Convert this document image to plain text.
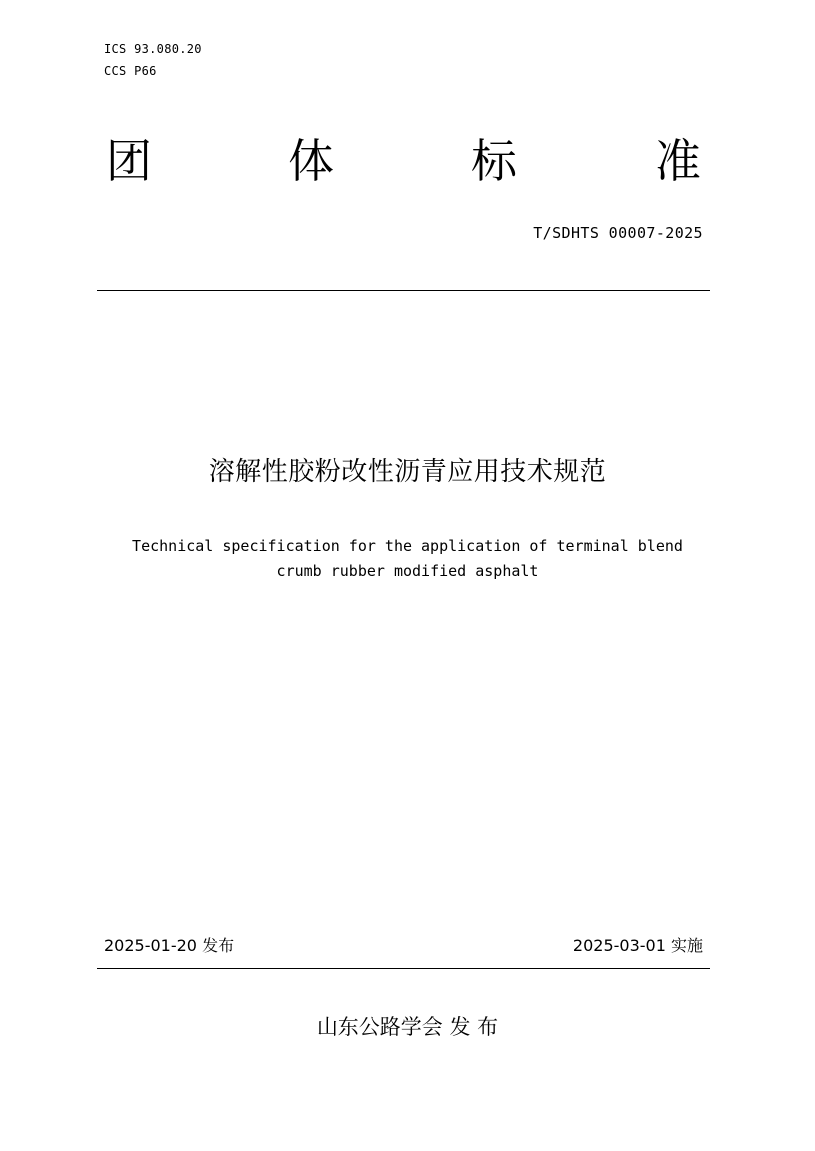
ICS 93.080.20
CCS P66
团	体	标	准
T/SDHTS 00007-2025
溶解性胶粉改性沥青应用技术规范
Technical specification for the application of terminal blend
crumb rubber modified asphalt
2025-01-20 发布	2025-03-01 实施
山东公路学会 发 布
